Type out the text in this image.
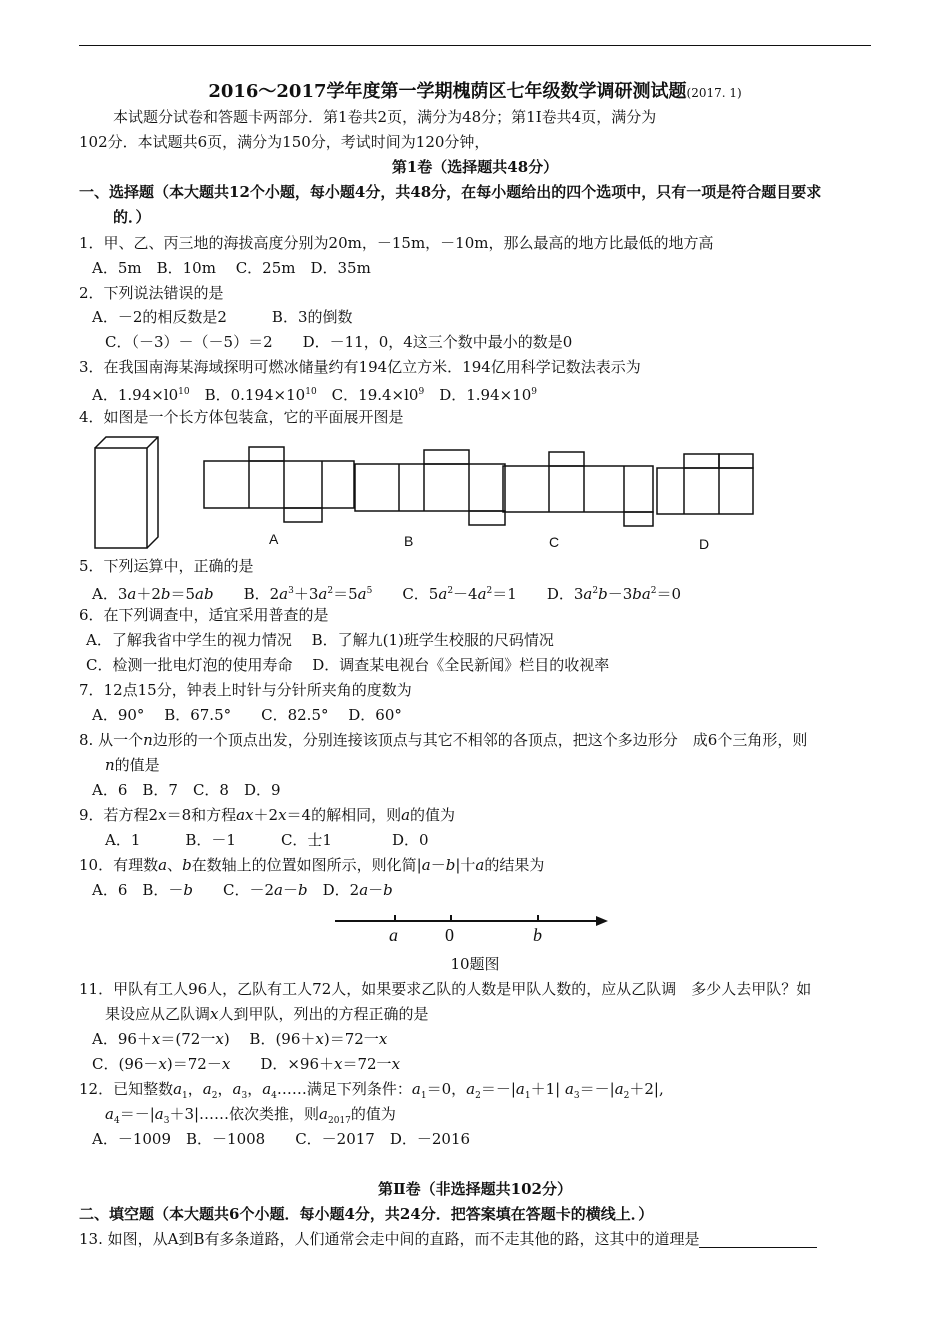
2016～2017学年度第一学期槐荫区七年级数学调研测试题(2017. 1)
本试题分试卷和答题卡两部分．第1卷共2页，满分为48分；第1I卷共4页，满分为
102分．本试题共6页，满分为150分，考试时间为120分钟，
第1卷（选择题共48分）
一、选择题（本大题共12个小题，每小题4分，共48分，在每小题给出的四个选项中，只有一项是符合题目要求
的．）
1．甲、乙、丙三地的海拔高度分别为20m，－15m，－10m，那么最高的地方比最低的地方高
A．5m　B．10m　 C．25m　D．35m
2．下列说法错误的是
A．－2的相反数是2　　　B．3的倒数
C．（－3）－（－5）＝2　　D．－11，0，4这三个数中最小的数是0
3．在我国南海某海域探明可燃冰储量约有194亿立方米．194亿用科学记数法表示为
A．$1.94\times l0^{10}$　B．$0.194\times 10^{10}$　C．$19.4\times l0^9$　D．$1.94\times 10^9$
4．如图是一个长方体包装盒，它的平面展开图是
A	B	C	D
5．下列运算中，正确的是
A．3a＋2b＝5ab　　B．$2a^3+3a^2=5a^5$　　C．$5a^2-4a^2=1$　　D．$3a^2b-3ba^2=0$
6．在下列调查中，适宜采用普查的是
A．了解我省中学生的视力情况　 B．了解九(1)班学生校服的尺码情况
C．检测一批电灯泡的使用寿命　 D．调查某电视台《全民新闻》栏目的收视率
7．12点15分，钟表上时针与分针所夹角的度数为
A．90°　 B．67.5°　　C．82.5°　 D．60°
8. 从一个n边形的一个顶点出发，分别连接该顶点与其它不相邻的各顶点，把这个多边形分　成6个三角形，则
n的值是
A．6　B．7　C．8　D．9
9．若方程2x＝8和方程ax＋2x＝4的解相同，则a的值为
A．1　　　B．－1　　　C．士1　　　　D．0
10．有理数a、b在数轴上的位置如图所示，则化简|a－b|十a的结果为
A．6　B．－b　　C．－2a－b　D．2a－b
a	0	b
10题图
11．甲队有工人96人，乙队有工人72人，如果要求乙队的人数是甲队人数的，应从乙队调　多少人去甲队？如
果设应从乙队调x人到甲队，列出的方程正确的是
A．96＋x＝(72一x)　 B．(96＋x)＝72一x
C．(96－x)＝72－x　　D．×96＋x＝72一x
12．已知整数$a_1$，$a_2$，$a_3$，$a_4\dots\dots$满足下列条件：$a_1=0$，$a_2=-|a_1+1|$ $a_3=-|a_2+2|$,
$a_4=-|a_3+3|\dots\dots$依次类推，则$a_{2017}$的值为
A．－1009　B．－1008　　C．－2017　D．－2016
第Ⅱ卷（非选择题共102分）
二、填空题（本大题共6个小题．每小题4分，共24分．把答案填在答题卡的横线上．）
13. 如图，从A到B有多条道路，人们通常会走中间的直路，而不走其他的路，这其中的道理是
